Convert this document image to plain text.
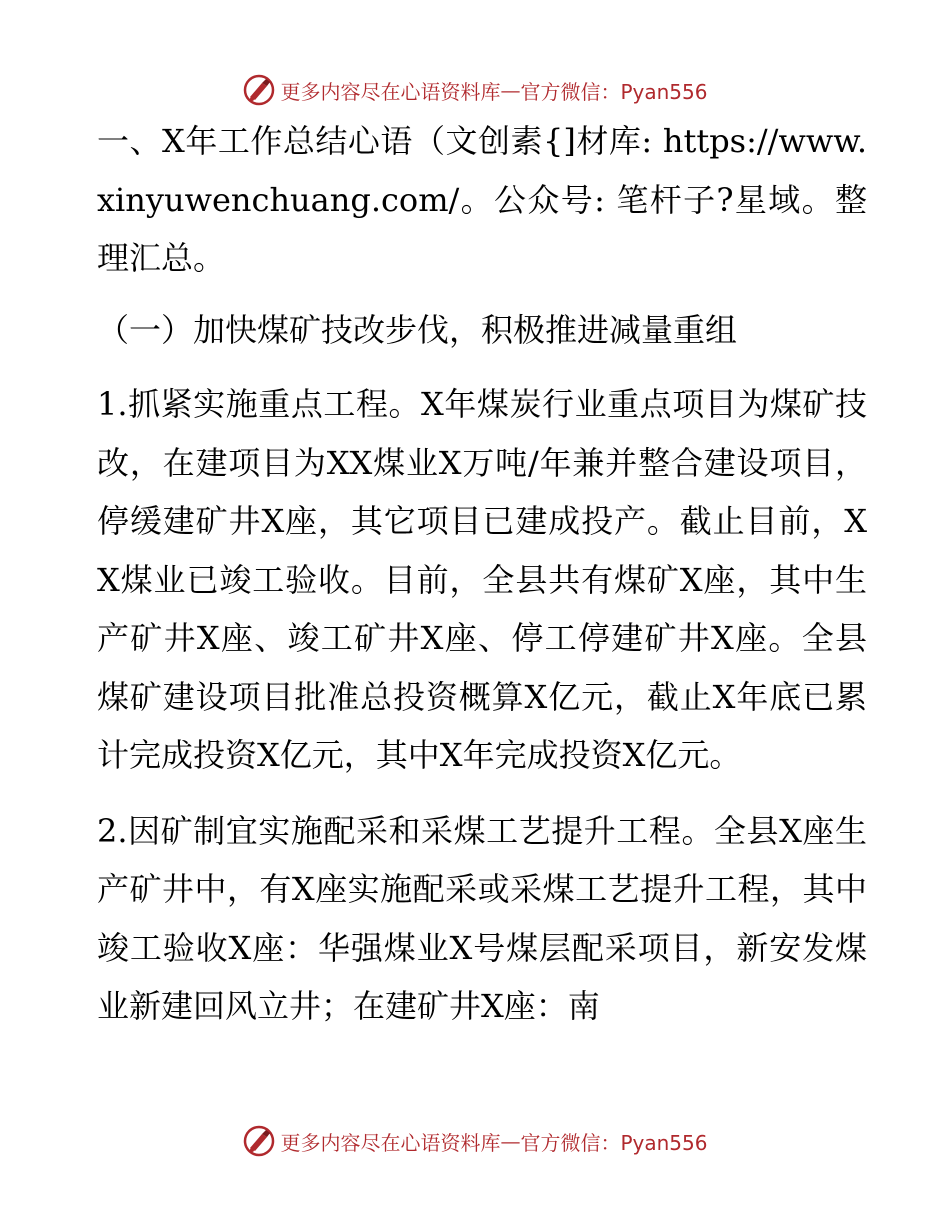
更多内容尽在心语资料库 — 官方微信：Pyan556

一、X年工作总结心语（文创素{]材库: https://www.xinyuwenchuang.com/。公众号: 笔杆子?星域。整理汇总。

（一）加快煤矿技改步伐，积极推进减量重组

1.抓紧实施重点工程。X年煤炭行业重点项目为煤矿技改，在建项目为XX煤业X万吨/年兼并整合建设项目，停缓建矿井X座，其它项目已建成投产。截止目前，XX煤业已竣工验收。目前，全县共有煤矿X座，其中生产矿井X座、竣工矿井X座、停工停建矿井X座。全县煤矿建设项目批准总投资概算X亿元，截止X年底已累计完成投资X亿元，其中X年完成投资X亿元。

2.因矿制宜实施配采和采煤工艺提升工程。全县X座生产矿井中，有X座实施配采或采煤工艺提升工程，其中竣工验收X座：华强煤业X号煤层配采项目，新安发煤业新建回风立井；在建矿井X座：南

更多内容尽在心语资料库 — 官方微信：Pyan556
